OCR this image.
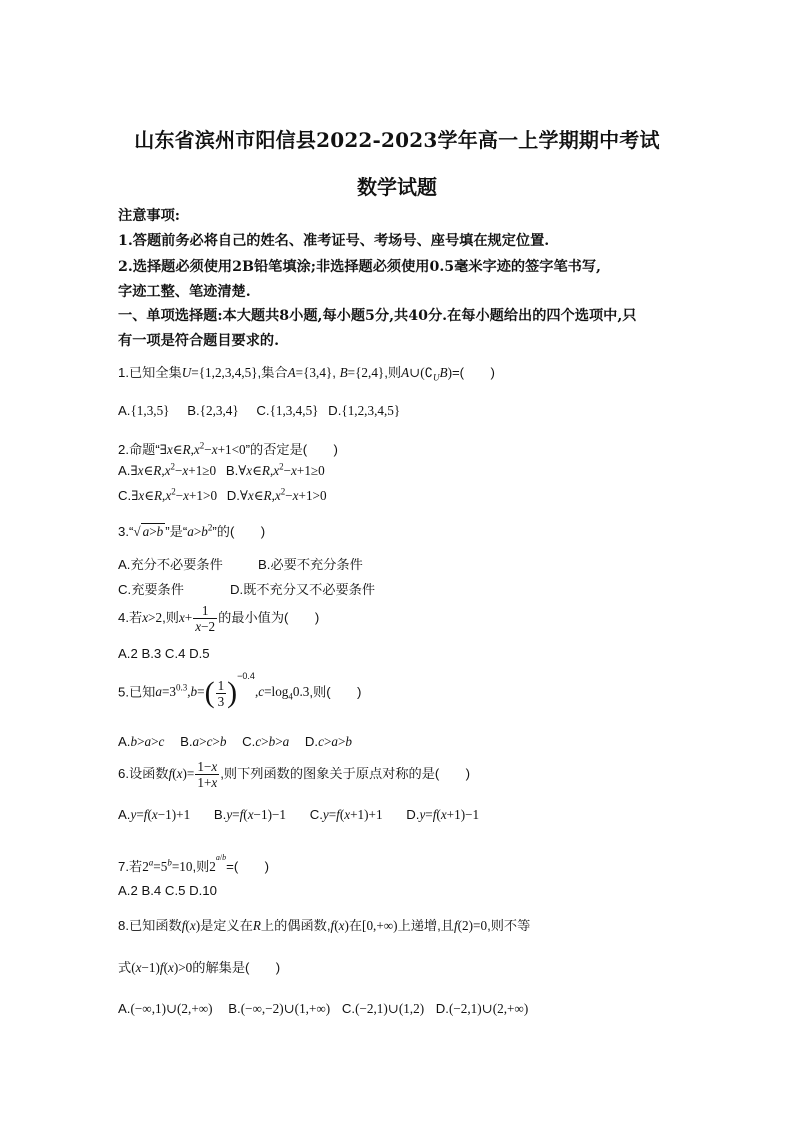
山东省滨州市阳信县2022-2023学年高一上学期期中考试
数学试题
注意事项:
1.答题前务必将自己的姓名、准考证号、考场号、座号填在规定位置.
2.选择题必须使用2B铅笔填涂;非选择题必须使用0.5毫米字迹的签字笔书写,
字迹工整、笔迹清楚.
一、单项选择题:本大题共8小题,每小题5分,共40分.在每小题给出的四个选项中,只
有一项是符合题目要求的.
1.已知全集U={1,2,3,4,5},集合A={3,4}, B={2,4},则$A\cup(∁_UB)=$(　　)
A.{1,3,5} B.{2,3,4} C.{1,3,4,5} D.{1,2,3,4,5}
2.命题“$\exists x\in R,x^2-x+1<0$”的否定是(　　)
$A.\exists x\in R,x^2-x+1\ge 0$ $B.\forall x\in R,x^2-x+1\ge 0$
$C.\exists x\in R,x^2-x+1>0$ $D.\forall x\in R,x^2-x+1>0$
3.“√ a>b ”是“$a>b^2$”的(　　)
A.充分不必要条件	B.必要不充分条件
C.充要条件	D.既不充分又不必要条件
4.若x>2,则$x+ \frac{1}{x-2}$ 的最小值为(　　)
A.2 B.3 C.4 D.5
5.已知$a=3^{0.3},b=( \frac{1}{3} )^{-0.4},c=\log_40.3$,则(　　)
A.b>a>c B.a>c>b C.c>b>a D.c>a>b
6.设函数$f(x)= \frac{1-x}{1+x}$ ,则下列函数的图象关于原点对称的是(　　)
A.y=f(x−1)+1 B.y=f(x−1)−1 C.y=f(x+1)+1 D.y=f(x+1)−1
7.若$2^a=5^b=10$,则$2^{a/b}=$(　　)
A.2 B.4 C.5 D.10
8.已知函数f(x)是定义在R上的偶函数,f(x)在[0,+∞)上递增,且f(2)=0,则不等
式(x−1)f(x)>0的解集是(　　)
A.(−∞,1)∪(2,+∞) B.(−∞,−2)∪(1,+∞) C.(−2,1)∪(1,2) D.(−2,1)∪(2,+∞)
